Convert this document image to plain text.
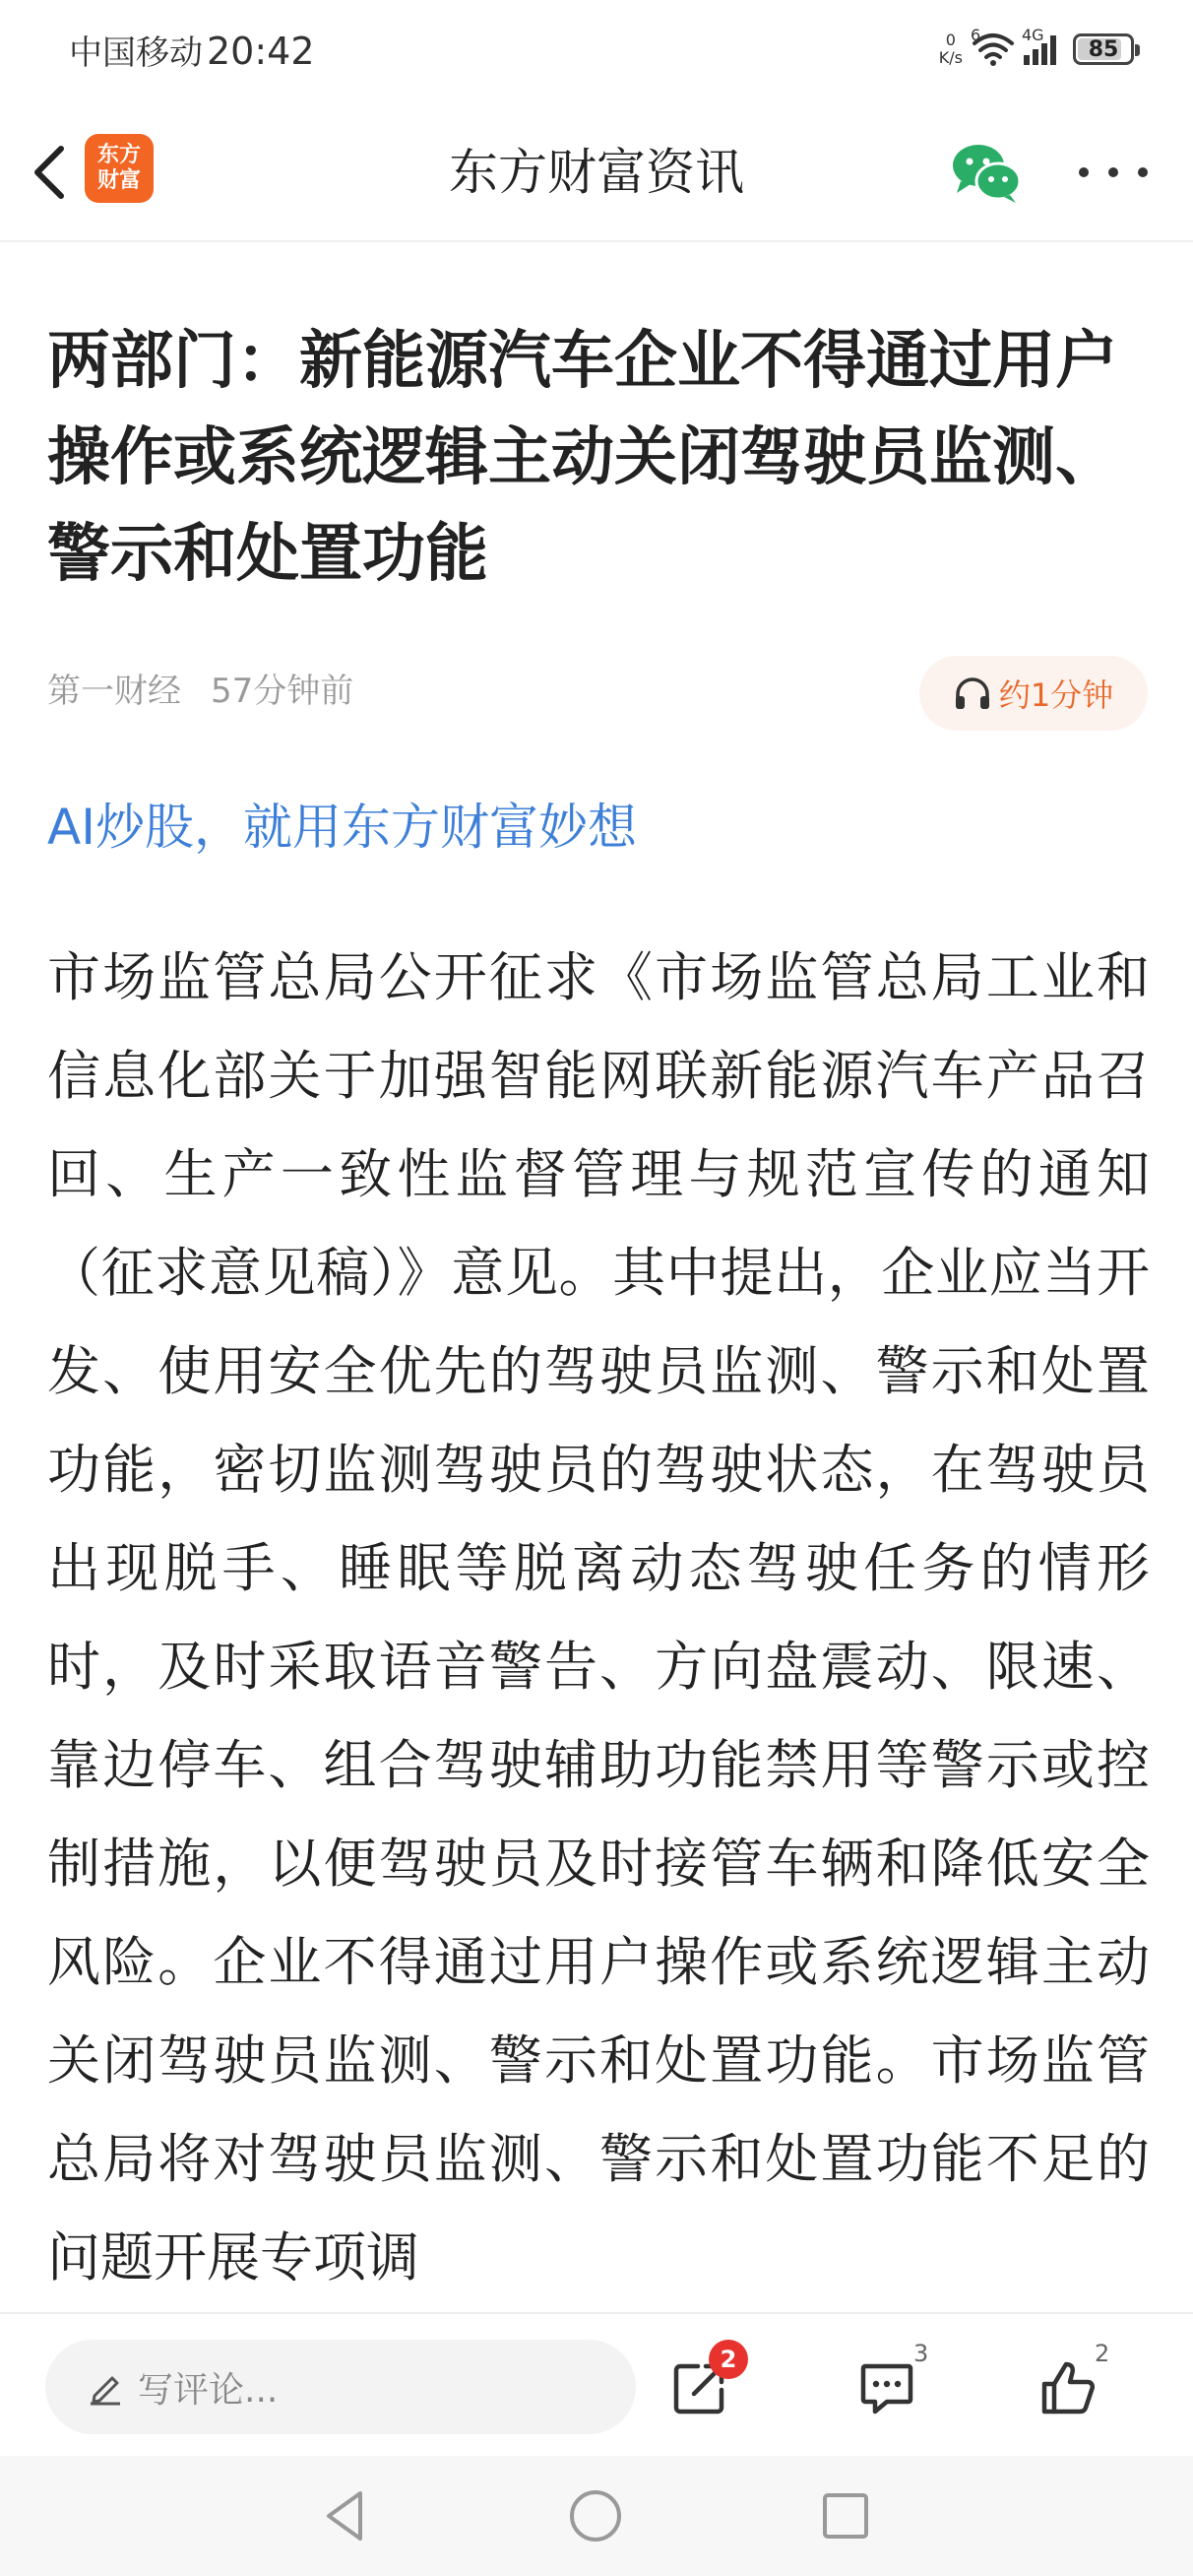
中国移动 20:42	0
K/s
6	4G
85
东方
财富	东方财富资讯
两部门：新能源汽车企业不得通过用户操作或系统逻辑主动关闭驾驶员监测、警示和处置功能
第一财经 57分钟前	约1分钟
AI炒股，就用东方财富妙想

市场监管总局公开征求《市场监管总局工业和信息化部关于加强智能网联新能源汽车产品召回、生产一致性监督管理与规范宣传的通知（征求意见稿）》意见。其中提出，企业应当开发、使用安全优先的驾驶员监测、警示和处置功能，密切监测驾驶员的驾驶状态，在驾驶员出现脱手、睡眠等脱离动态驾驶任务的情形时，及时采取语音警告、方向盘震动、限速、靠边停车、组合驾驶辅助功能禁用等警示或控制措施，以便驾驶员及时接管车辆和降低安全风险。企业不得通过用户操作或系统逻辑主动关闭驾驶员监测、警示和处置功能。市场监管总局将对驾驶员监测、警示和处置功能不足的问题开展专项调

写评论...
2	3	2
